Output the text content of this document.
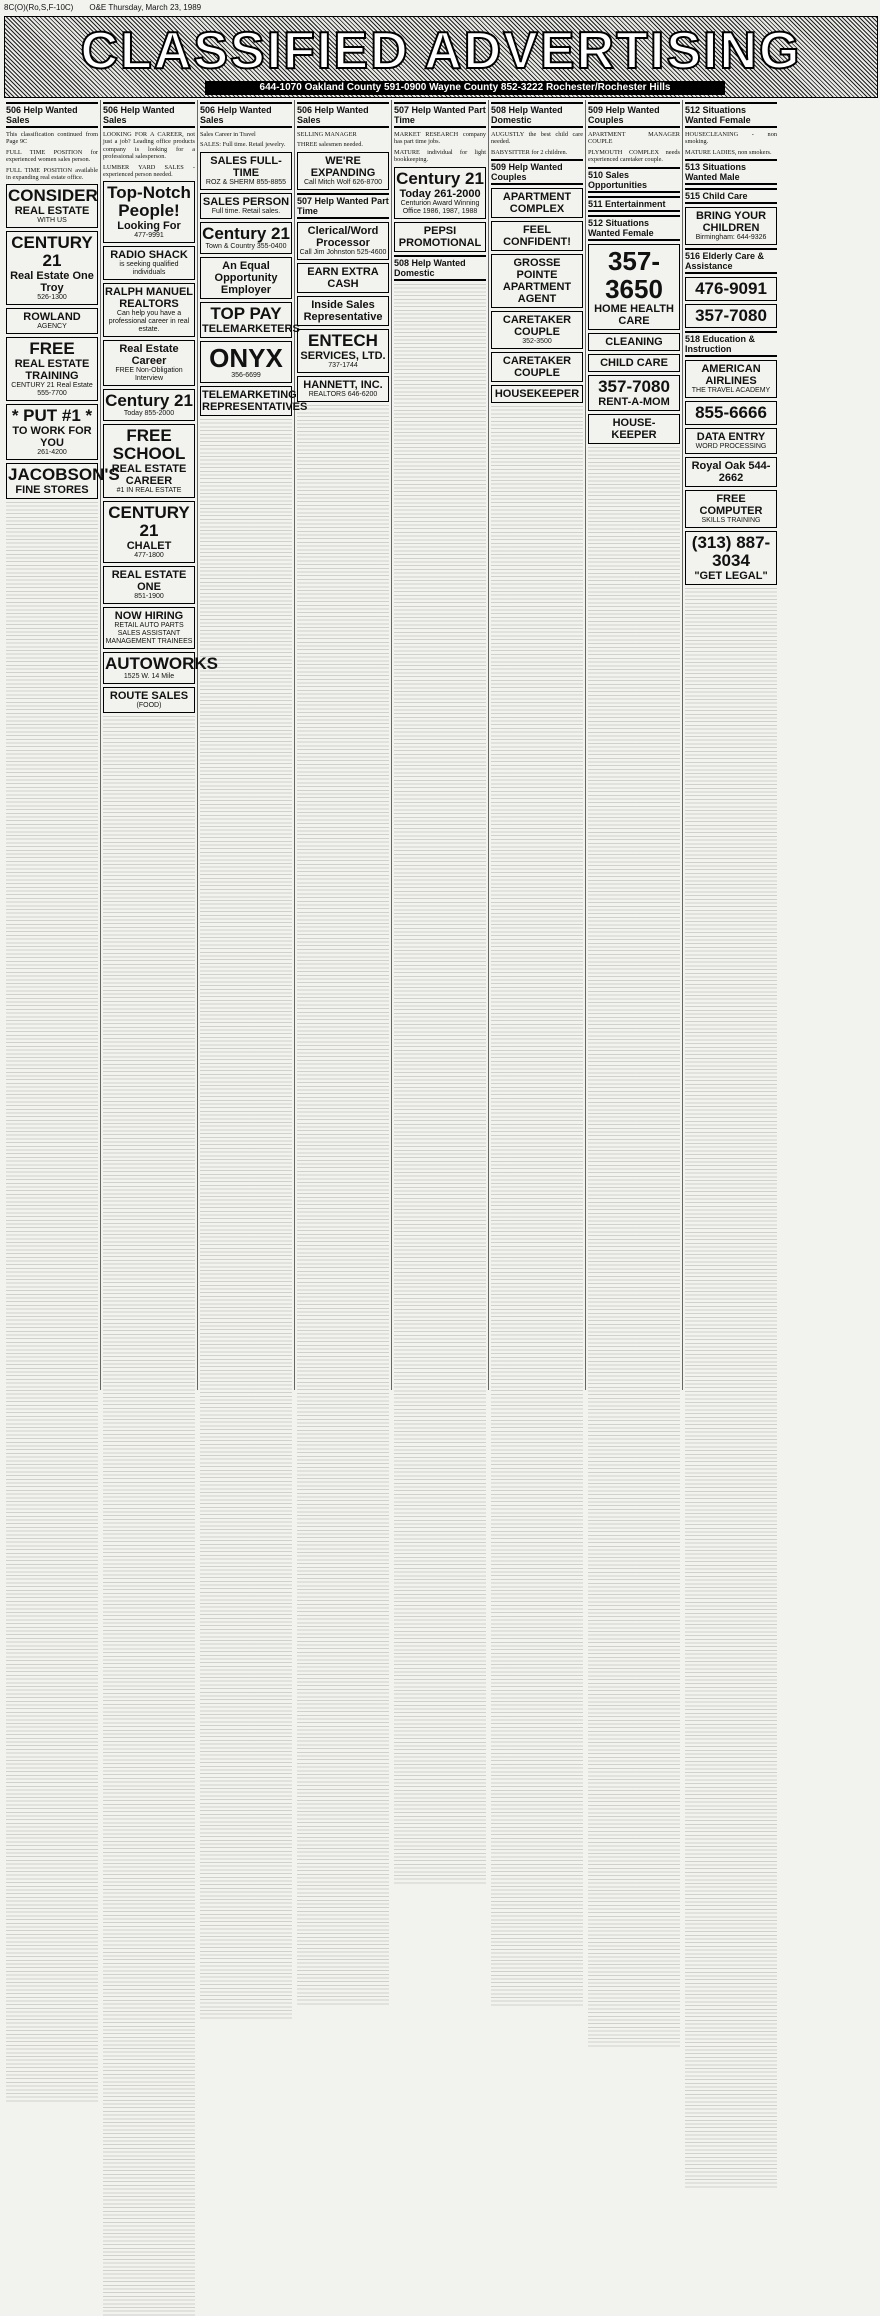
8C(O)(Ro,S,F-10C) O&E Thursday, March 23, 1989
CLASSIFIED ADVERTISING
644-1070 Oakland County 591-0900 Wayne County 852-3222 Rochester/Rochester Hills
506 Help Wanted Sales
This classification continued from Page 9C
FULL TIME POSITION for experienced women sales person.
FULL TIME POSITION available in expanding real estate office.
CONSIDER
REAL ESTATE
WITH US
CENTURY 21
Real Estate One Troy
526-1300
ROWLAND
AGENCY
FREE
REAL ESTATE TRAINING
CENTURY 21 Real Estate 555-7700
* PUT #1 *
TO WORK FOR YOU
261-4200
JACOBSON'S
FINE STORES
506 Help Wanted Sales
LOOKING FOR A CAREER, not just a job? Leading office products company is looking for a professional salesperson.
LUMBER YARD SALES - experienced person needed.
Top-Notch People!
Looking For
477-9991
RADIO SHACK
is seeking qualified individuals
RALPH MANUEL REALTORS
Can help you have a professional career in real estate.
Real Estate Career
FREE Non-Obligation Interview
Century 21
Today 855-2000
FREE SCHOOL
REAL ESTATE CAREER
#1 IN REAL ESTATE
CENTURY 21
CHALET
477-1800
REAL ESTATE ONE
851-1900
NOW HIRING
RETAIL AUTO PARTS SALES ASSISTANT MANAGEMENT TRAINEES
AUTOWORKS
1525 W. 14 Mile
ROUTE SALES
(FOOD)
506 Help Wanted Sales
Sales Career in Travel
SALES: Full time. Retail jewelry.
SALES FULL-TIME
ROZ & SHERM 855-8855
SALES PERSON
Full time. Retail sales.
Century 21
Town & Country 355-0400
An Equal Opportunity Employer
TOP PAY
TELEMARKETERS
ONYX
356-6699
TELEMARKETING REPRESENTATIVES
506 Help Wanted Sales
SELLING MANAGER
THREE salesmen needed.
WE'RE EXPANDING
Call Mitch Wolf 626-8700
507 Help Wanted Part Time
Clerical/Word Processor
Call Jim Johnston 525-4600
EARN EXTRA CASH
Inside Sales Representative
ENTECH
SERVICES, LTD.
737-1744
HANNETT, INC.
REALTORS 646-6200
507 Help Wanted Part Time
MARKET RESEARCH company has part time jobs.
MATURE individual for light bookkeeping.
Century 21
Today 261-2000
Centurion Award Winning Office 1986, 1987, 1988
PEPSI PROMOTIONAL
508 Help Wanted Domestic
508 Help Wanted Domestic
AUGUSTLY the best child care needed.
BABYSITTER for 2 children.
509 Help Wanted Couples
APARTMENT COMPLEX
FEEL CONFIDENT!
GROSSE POINTE APARTMENT AGENT
CARETAKER COUPLE
352-3500
CARETAKER COUPLE
HOUSEKEEPER
509 Help Wanted Couples
APARTMENT MANAGER COUPLE
PLYMOUTH COMPLEX needs experienced caretaker couple.
510 Sales Opportunities
511 Entertainment
512 Situations Wanted Female
357-3650
HOME HEALTH CARE
CLEANING
CHILD CARE
357-7080
RENT-A-MOM
HOUSE-KEEPER
512 Situations Wanted Female
HOUSECLEANING - non smoking.
MATURE LADIES, non smokers.
513 Situations Wanted Male
515 Child Care
BRING YOUR CHILDREN
Birmingham: 644-9326
516 Elderly Care & Assistance
476-9091
357-7080
518 Education & Instruction
AMERICAN AIRLINES
THE TRAVEL ACADEMY
855-6666
DATA ENTRY
WORD PROCESSING
Royal Oak 544-2662
FREE COMPUTER
SKILLS TRAINING
(313) 887-3034
"GET LEGAL"
